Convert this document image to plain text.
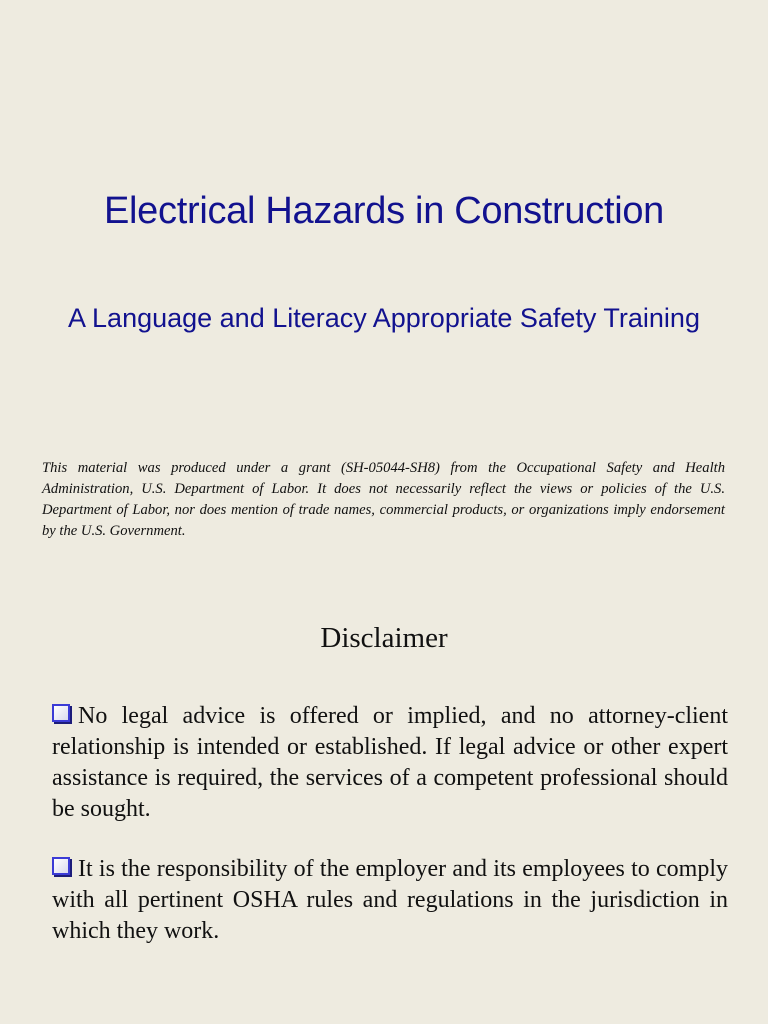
Electrical Hazards in Construction
A Language and Literacy Appropriate Safety Training

This material was produced under a grant (SH-05044-SH8) from the Occupational Safety and Health Administration, U.S. Department of Labor. It does not necessarily reflect the views or policies of the U.S. Department of Labor, nor does mention of trade names, commercial products, or organizations imply endorsement by the U.S. Government.

Disclaimer

No legal advice is offered or implied, and no attorney-client relationship is intended or established. If legal advice or other expert assistance is required, the services of a competent professional should be sought.

It is the responsibility of the employer and its employees to comply with all pertinent OSHA rules and regulations in the jurisdiction in which they work.
